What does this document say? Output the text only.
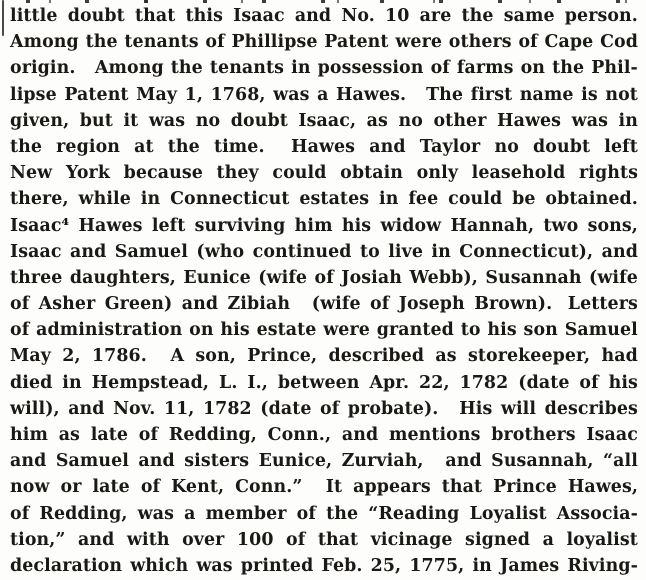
little doubt that this Isaac and No. 10 are the same person.
Among the tenants of Phillipse Patent were others of Cape Cod
origin. Among the tenants in possession of farms on the Phil-
lipse Patent May 1, 1768, was a Hawes. The first name is not
given, but it was no doubt Isaac, as no other Hawes was in
the region at the time. Hawes and Taylor no doubt left
New York because they could obtain only leasehold rights
there, while in Connecticut estates in fee could be obtained.
Isaac⁴ Hawes left surviving him his widow Hannah, two sons,
Isaac and Samuel (who continued to live in Connecticut), and
three daughters, Eunice (wife of Josiah Webb), Susannah (wife
of Asher Green) and Zibiah (wife of Joseph Brown). Letters
of administration on his estate were granted to his son Samuel
May 2, 1786. A son, Prince, described as storekeeper, had
died in Hempstead, L. I., between Apr. 22, 1782 (date of his
will), and Nov. 11, 1782 (date of probate). His will describes
him as late of Redding, Conn., and mentions brothers Isaac
and Samuel and sisters Eunice, Zurviah, and Susannah, “all
now or late of Kent, Conn.” It appears that Prince Hawes,
of Redding, was a member of the “Reading Loyalist Associa-
tion,” and with over 100 of that vicinage signed a loyalist
declaration which was printed Feb. 25, 1775, in James Riving-
